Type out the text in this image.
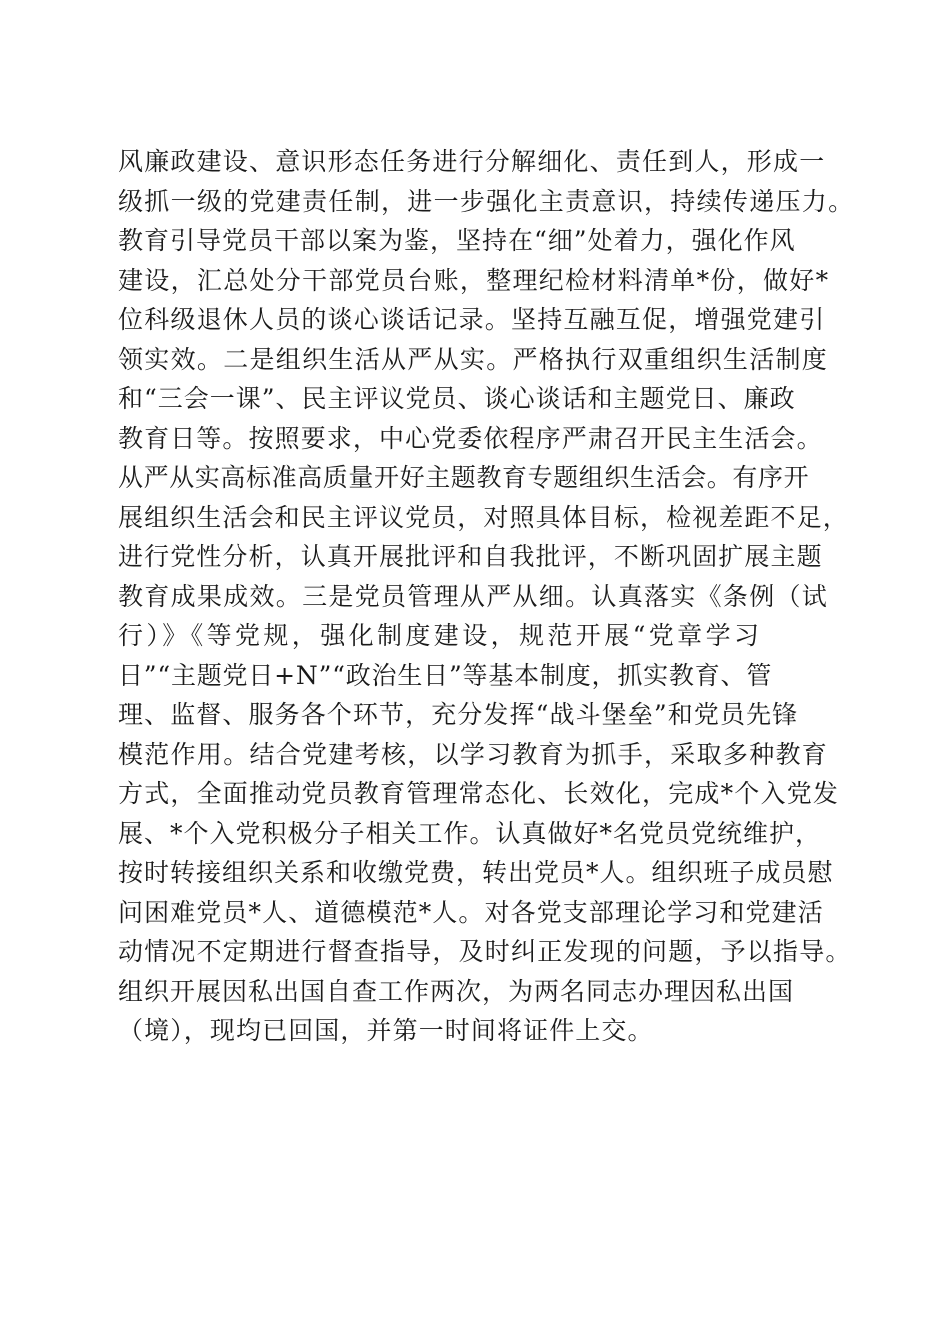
风廉政建设、意识形态任务进行分解细化、责任到人，形成一
级抓一级的党建责任制，进一步强化主责意识，持续传递压力。
教育引导党员干部以案为鉴，坚持在“细”处着力，强化作风
建设，汇总处分干部党员台账，整理纪检材料清单*份，做好*
位科级退休人员的谈心谈话记录。坚持互融互促，增强党建引
领实效。二是组织生活从严从实。严格执行双重组织生活制度
和“三会一课”、民主评议党员、谈心谈话和主题党日、廉政
教育日等。按照要求，中心党委依程序严肃召开民主生活会。
从严从实高标准高质量开好主题教育专题组织生活会。有序开
展组织生活会和民主评议党员，对照具体目标，检视差距不足，
进行党性分析，认真开展批评和自我批评，不断巩固扩展主题
教育成果成效。三是党员管理从严从细。认真落实《条例（试
行）》《等党规，强化制度建设，规范开展“党章学习
日”“主题党日+N”“政治生日”等基本制度，抓实教育、管
理、监督、服务各个环节，充分发挥“战斗堡垒”和党员先锋
模范作用。结合党建考核，以学习教育为抓手，采取多种教育
方式，全面推动党员教育管理常态化、长效化，完成*个入党发
展、*个入党积极分子相关工作。认真做好*名党员党统维护，
按时转接组织关系和收缴党费，转出党员*人。组织班子成员慰
问困难党员*人、道德模范*人。对各党支部理论学习和党建活
动情况不定期进行督查指导，及时纠正发现的问题，予以指导。
组织开展因私出国自查工作两次，为两名同志办理因私出国
（境），现均已回国，并第一时间将证件上交。
